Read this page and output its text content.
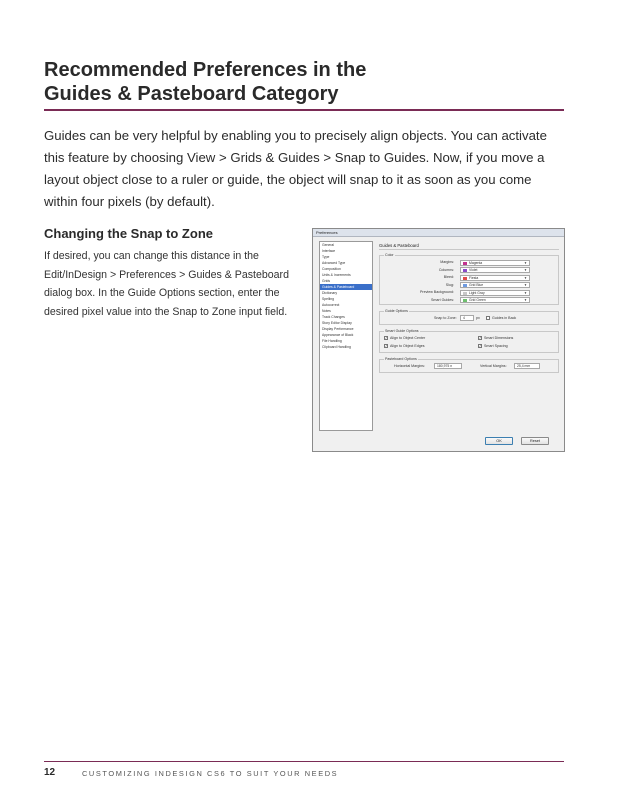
Recommended Preferences in the
Guides & Pasteboard Category

Guides can be very helpful by enabling you to precisely align objects. You can activate this feature by choosing View > Grids & Guides > Snap to Guides. Now, if you move a layout object close to a ruler or guide, the object will snap to it as soon as you come within four pixels (by default).

Changing the Snap to Zone

If desired, you can change this distance in the Edit/InDesign > Preferences > Guides & Pasteboard dialog box. In the Guide Options section, enter the desired pixel value into the Snap to Zone input field.

Preferences
General
Interface
Type
Advanced Type
Composition
Units & Increments
Grids
Guides & Pasteboard
Dictionary
Spelling
Autocorrect
Notes
Track Changes
Story Editor Display
Display Performance
Appearance of Black
File Handling
Clipboard Handling
Guides & Pasteboard
Color
Margins:	Magenta	▼
Columns:	Violet	▼
Bleed:	Fiesta	▼
Slug:	Grid Blue	▼
Preview Background:	Light Gray	▼
Smart Guides:	Grid Green	▼
Guide Options
Snap to Zone:	4	px	Guides in Back
Smart Guide Options
✓ Align to Object Center
✓ Align to Object Edges
✓ Smart Dimensions
✓ Smart Spacing
Pasteboard Options
Horizontal Margins:	180,975 n	Vertical Margins:	25,4 mm
OK	Reset
12	CUSTOMIZING INDESIGN CS6 TO SUIT YOUR NEEDS
